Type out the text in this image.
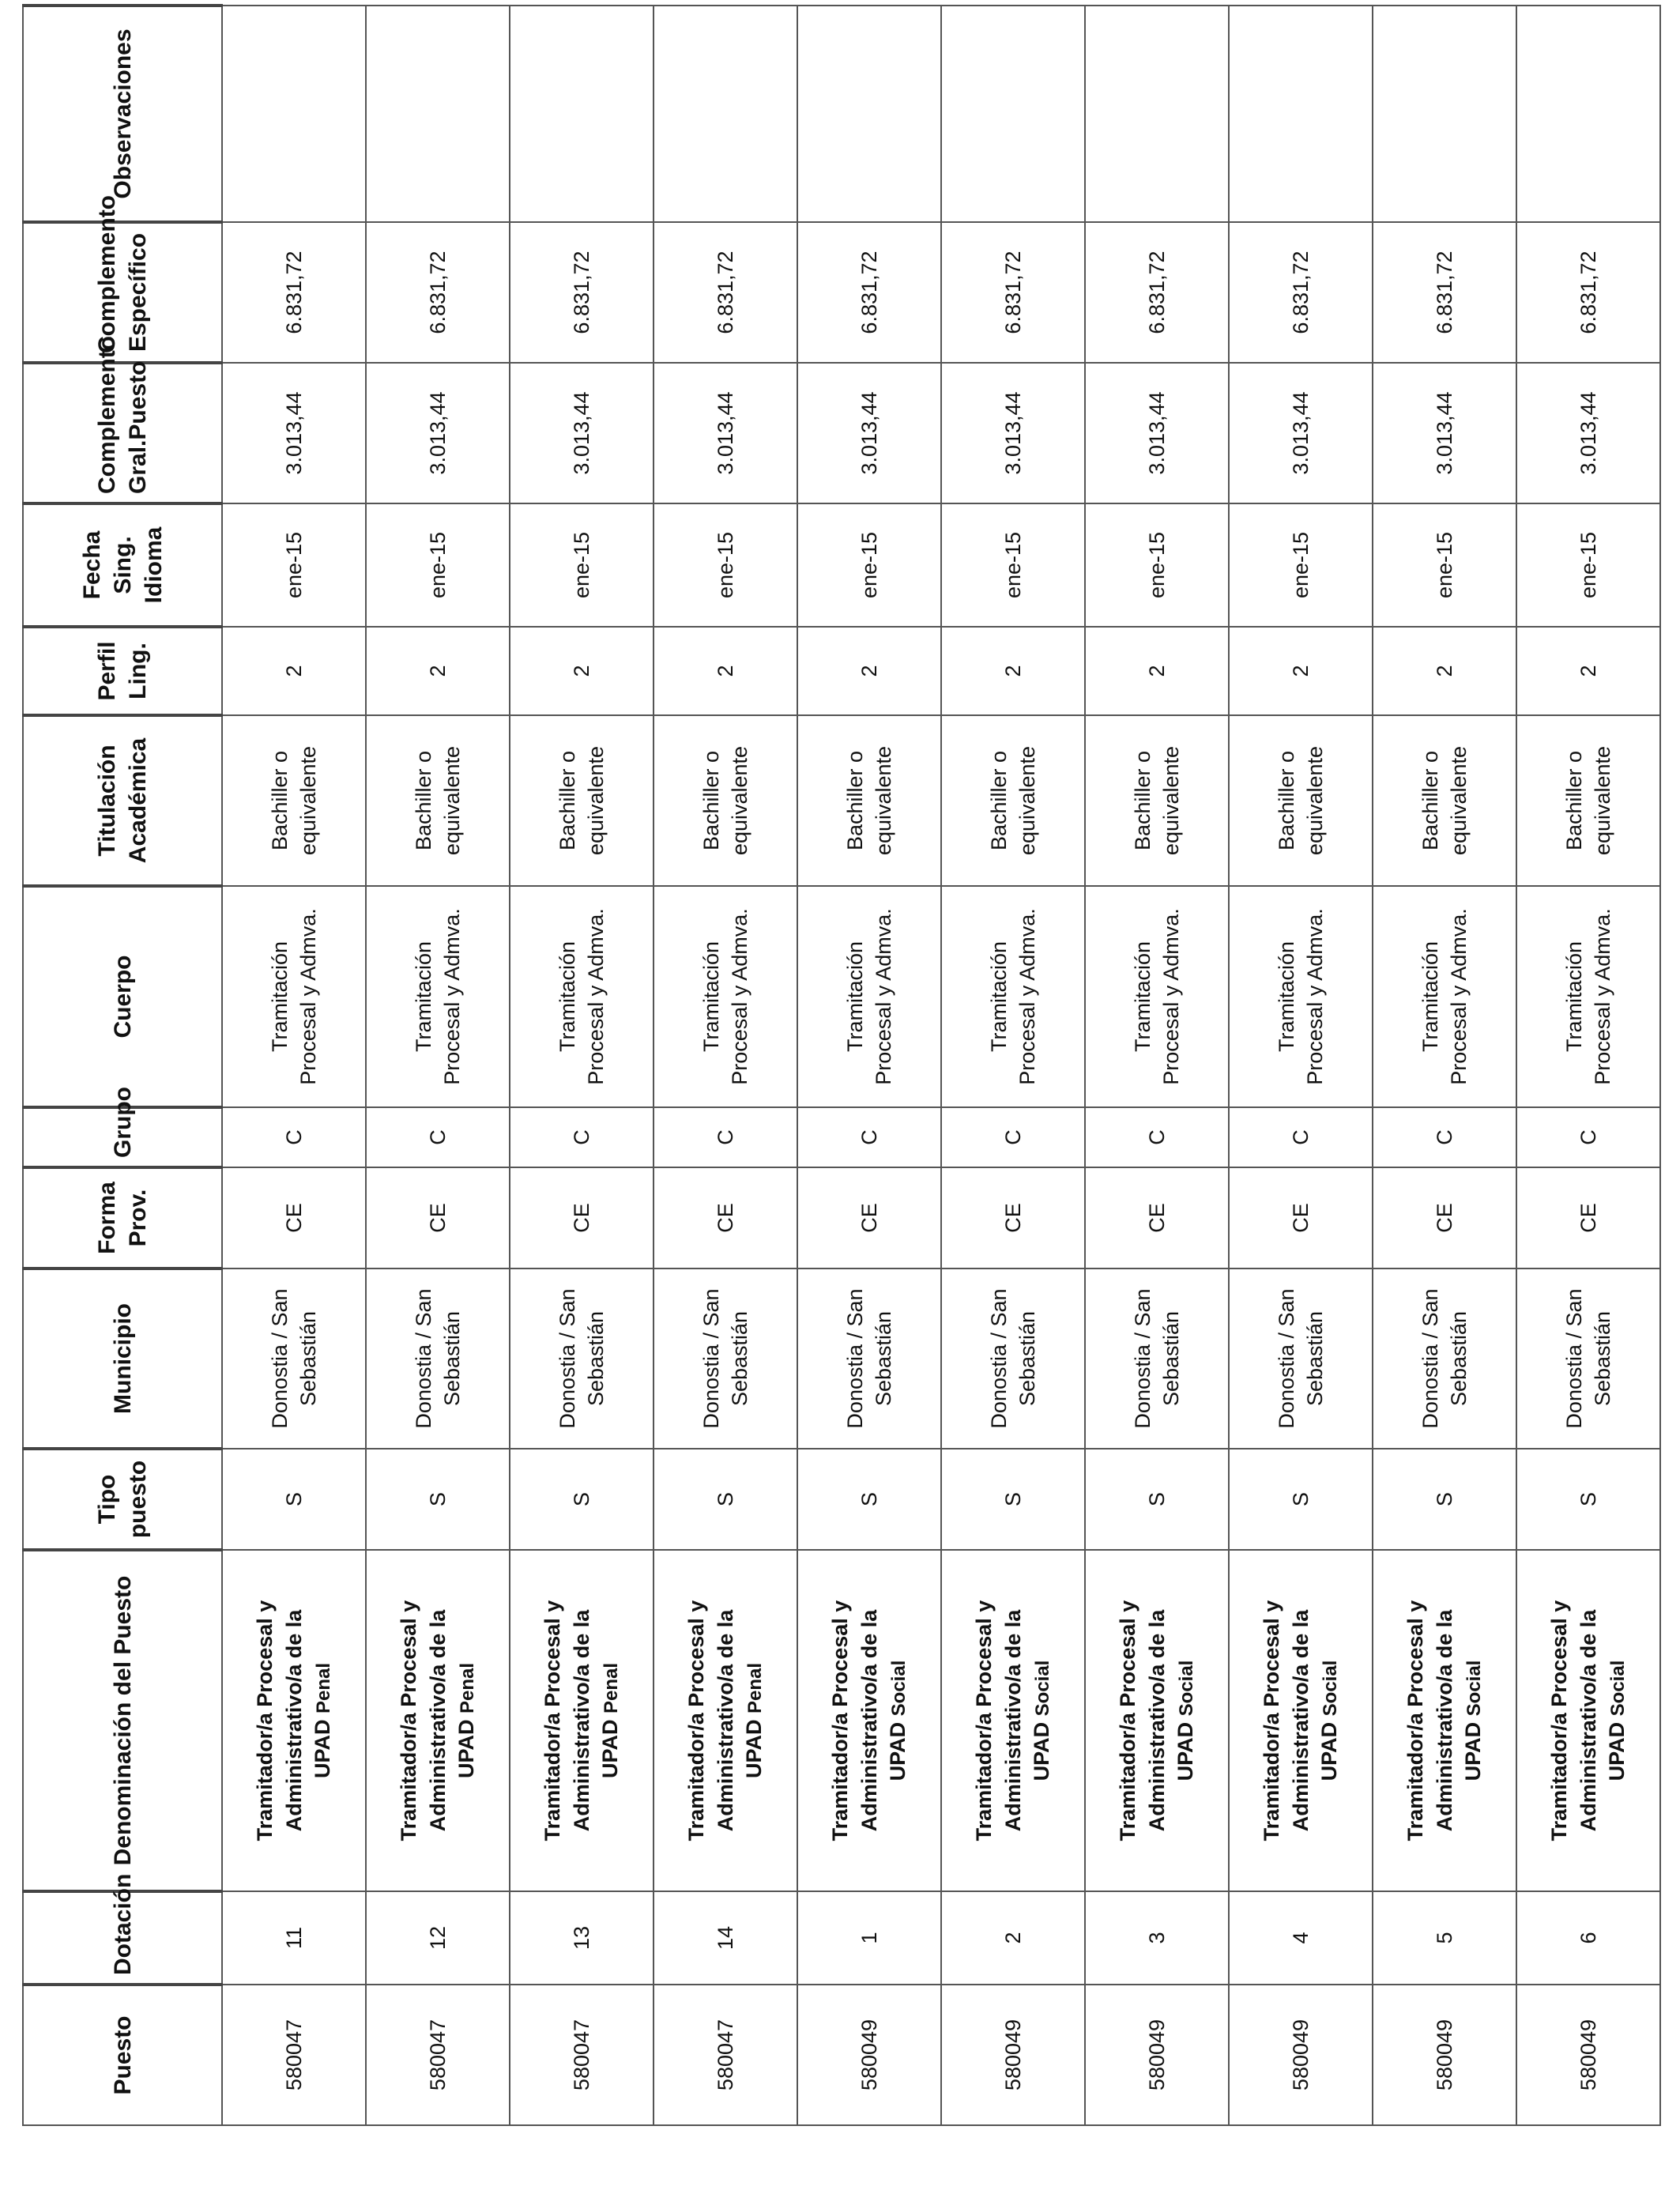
Puesto	Dotación	Denominación del Puesto	Tipo puesto	Municipio	Forma Prov.	Grupo	Cuerpo	Titulación Académica	Perfil Ling.	Fecha Sing. Idioma	Complemento Gral.Puesto	Complemento Específico	Observaciones
580047	11	Tramitador/a Procesal y Administrativo/a de la UPAD Penal	S	Donostia / San Sebastián	CE	C	Tramitación Procesal y Admva.	Bachiller o equivalente	2	ene-15	3.013,44	6.831,72	
580047	12	Tramitador/a Procesal y Administrativo/a de la UPAD Penal	S	Donostia / San Sebastián	CE	C	Tramitación Procesal y Admva.	Bachiller o equivalente	2	ene-15	3.013,44	6.831,72	
580047	13	Tramitador/a Procesal y Administrativo/a de la UPAD Penal	S	Donostia / San Sebastián	CE	C	Tramitación Procesal y Admva.	Bachiller o equivalente	2	ene-15	3.013,44	6.831,72	
580047	14	Tramitador/a Procesal y Administrativo/a de la UPAD Penal	S	Donostia / San Sebastián	CE	C	Tramitación Procesal y Admva.	Bachiller o equivalente	2	ene-15	3.013,44	6.831,72	
580049	1	Tramitador/a Procesal y Administrativo/a de la UPAD Social	S	Donostia / San Sebastián	CE	C	Tramitación Procesal y Admva.	Bachiller o equivalente	2	ene-15	3.013,44	6.831,72	
580049	2	Tramitador/a Procesal y Administrativo/a de la UPAD Social	S	Donostia / San Sebastián	CE	C	Tramitación Procesal y Admva.	Bachiller o equivalente	2	ene-15	3.013,44	6.831,72	
580049	3	Tramitador/a Procesal y Administrativo/a de la UPAD Social	S	Donostia / San Sebastián	CE	C	Tramitación Procesal y Admva.	Bachiller o equivalente	2	ene-15	3.013,44	6.831,72	
580049	4	Tramitador/a Procesal y Administrativo/a de la UPAD Social	S	Donostia / San Sebastián	CE	C	Tramitación Procesal y Admva.	Bachiller o equivalente	2	ene-15	3.013,44	6.831,72	
580049	5	Tramitador/a Procesal y Administrativo/a de la UPAD Social	S	Donostia / San Sebastián	CE	C	Tramitación Procesal y Admva.	Bachiller o equivalente	2	ene-15	3.013,44	6.831,72	
580049	6	Tramitador/a Procesal y Administrativo/a de la UPAD Social	S	Donostia / San Sebastián	CE	C	Tramitación Procesal y Admva.	Bachiller o equivalente	2	ene-15	3.013,44	6.831,72	
